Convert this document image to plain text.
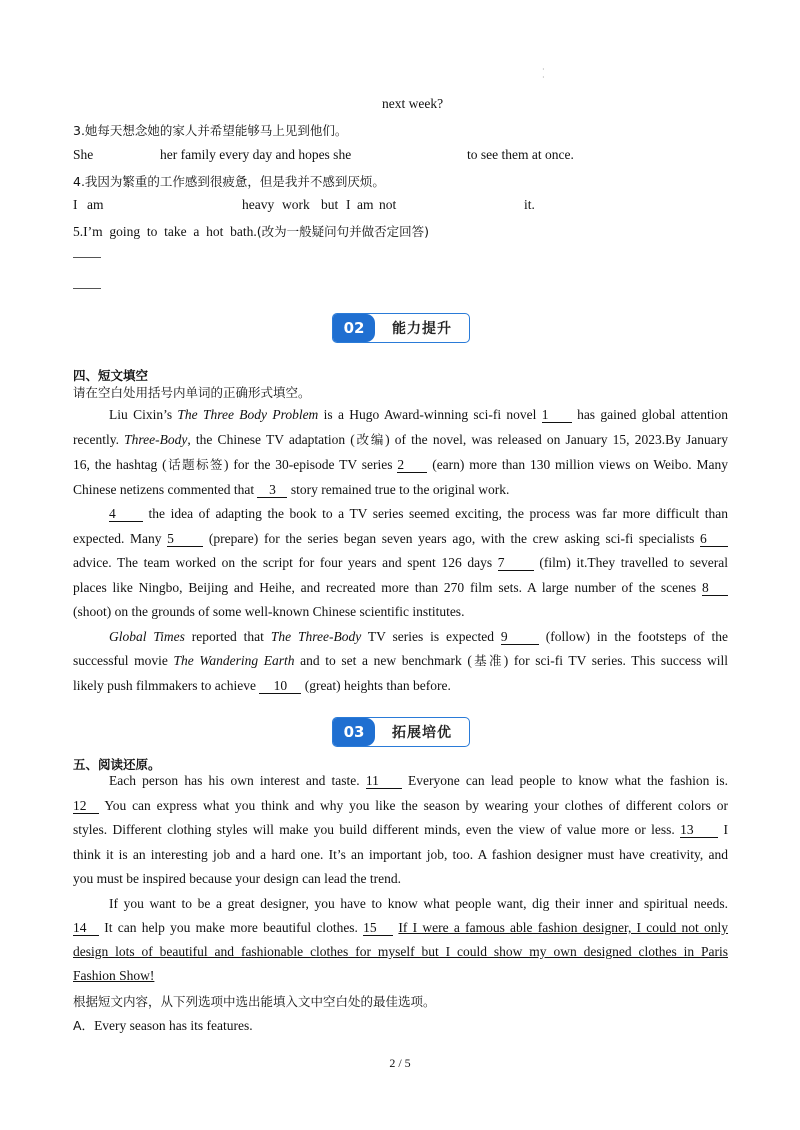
·
·
next week?
3.她每天想念她的家人并希望能够马上见到他们。
She	her family every day and hopes she	to see them at once.
4.我因为繁重的工作感到很疲惫，但是我并不感到厌烦。
I am	heavy work but I am not	it.
5.I’m  going  to  take  a  hot  bath.(改为一般疑问句并做否定回答)
02	能力提升
四、短文填空
请在空白处用括号内单词的正确形式填空。
Liu Cixin’s The Three Body Problem is a Hugo Award-winning sci-fi novel 1 has gained global attention
recently. Three-Body, the Chinese TV adaptation (改编) of the novel, was released on January 15, 2023.By January
16, the hashtag (话题标签) for the 30-episode TV series 2 (earn) more than 130 million views on Weibo. Many
Chinese netizens commented that 3 story remained true to the original work.
4 the idea of adapting the book to a TV series seemed exciting, the process was far more difficult than
expected. Many 5 (prepare) for the series began seven years ago, with the crew asking sci-fi specialists 6
advice. The team worked on the script for four years and spent 126 days 7 (film) it.They travelled to several
places like Ningbo, Beijing and Heihe, and recreated more than 270 film sets. A large number of the scenes 8
(shoot) on the grounds of some well-known Chinese scientific institutes.
Global Times reported that The Three-Body TV series is expected 9 (follow) in the footsteps of the
successful movie The Wandering Earth and to set a new benchmark (基准) for sci-fi TV series. This success will
likely push filmmakers to achieve 10 (great) heights than before.
03	拓展培优
五、阅读还原。
Each person has his own interest and taste. 11 Everyone can lead people to know what the fashion is.
12 You can express what you think and why you like the season by wearing your clothes of different colors or
styles. Different clothing styles will make you build different minds, even the view of value more or less. 13 I
think it is an interesting job and a hard one. It’s an important job, too. A fashion designer must have creativity, and
you must be inspired because your design can lead the trend.
If you want to be a great designer, you have to know what people want, dig their inner and spiritual needs.
14 It can help you make more beautiful clothes. 15 If I were a famous able fashion designer, I could not only
design lots of beautiful and fashionable clothes for myself but I could show my own designed clothes in Paris
Fashion Show!
根据短文内容，从下列选项中选出能填入文中空白处的最佳选项。
A．Every season has its features.
2 / 5
